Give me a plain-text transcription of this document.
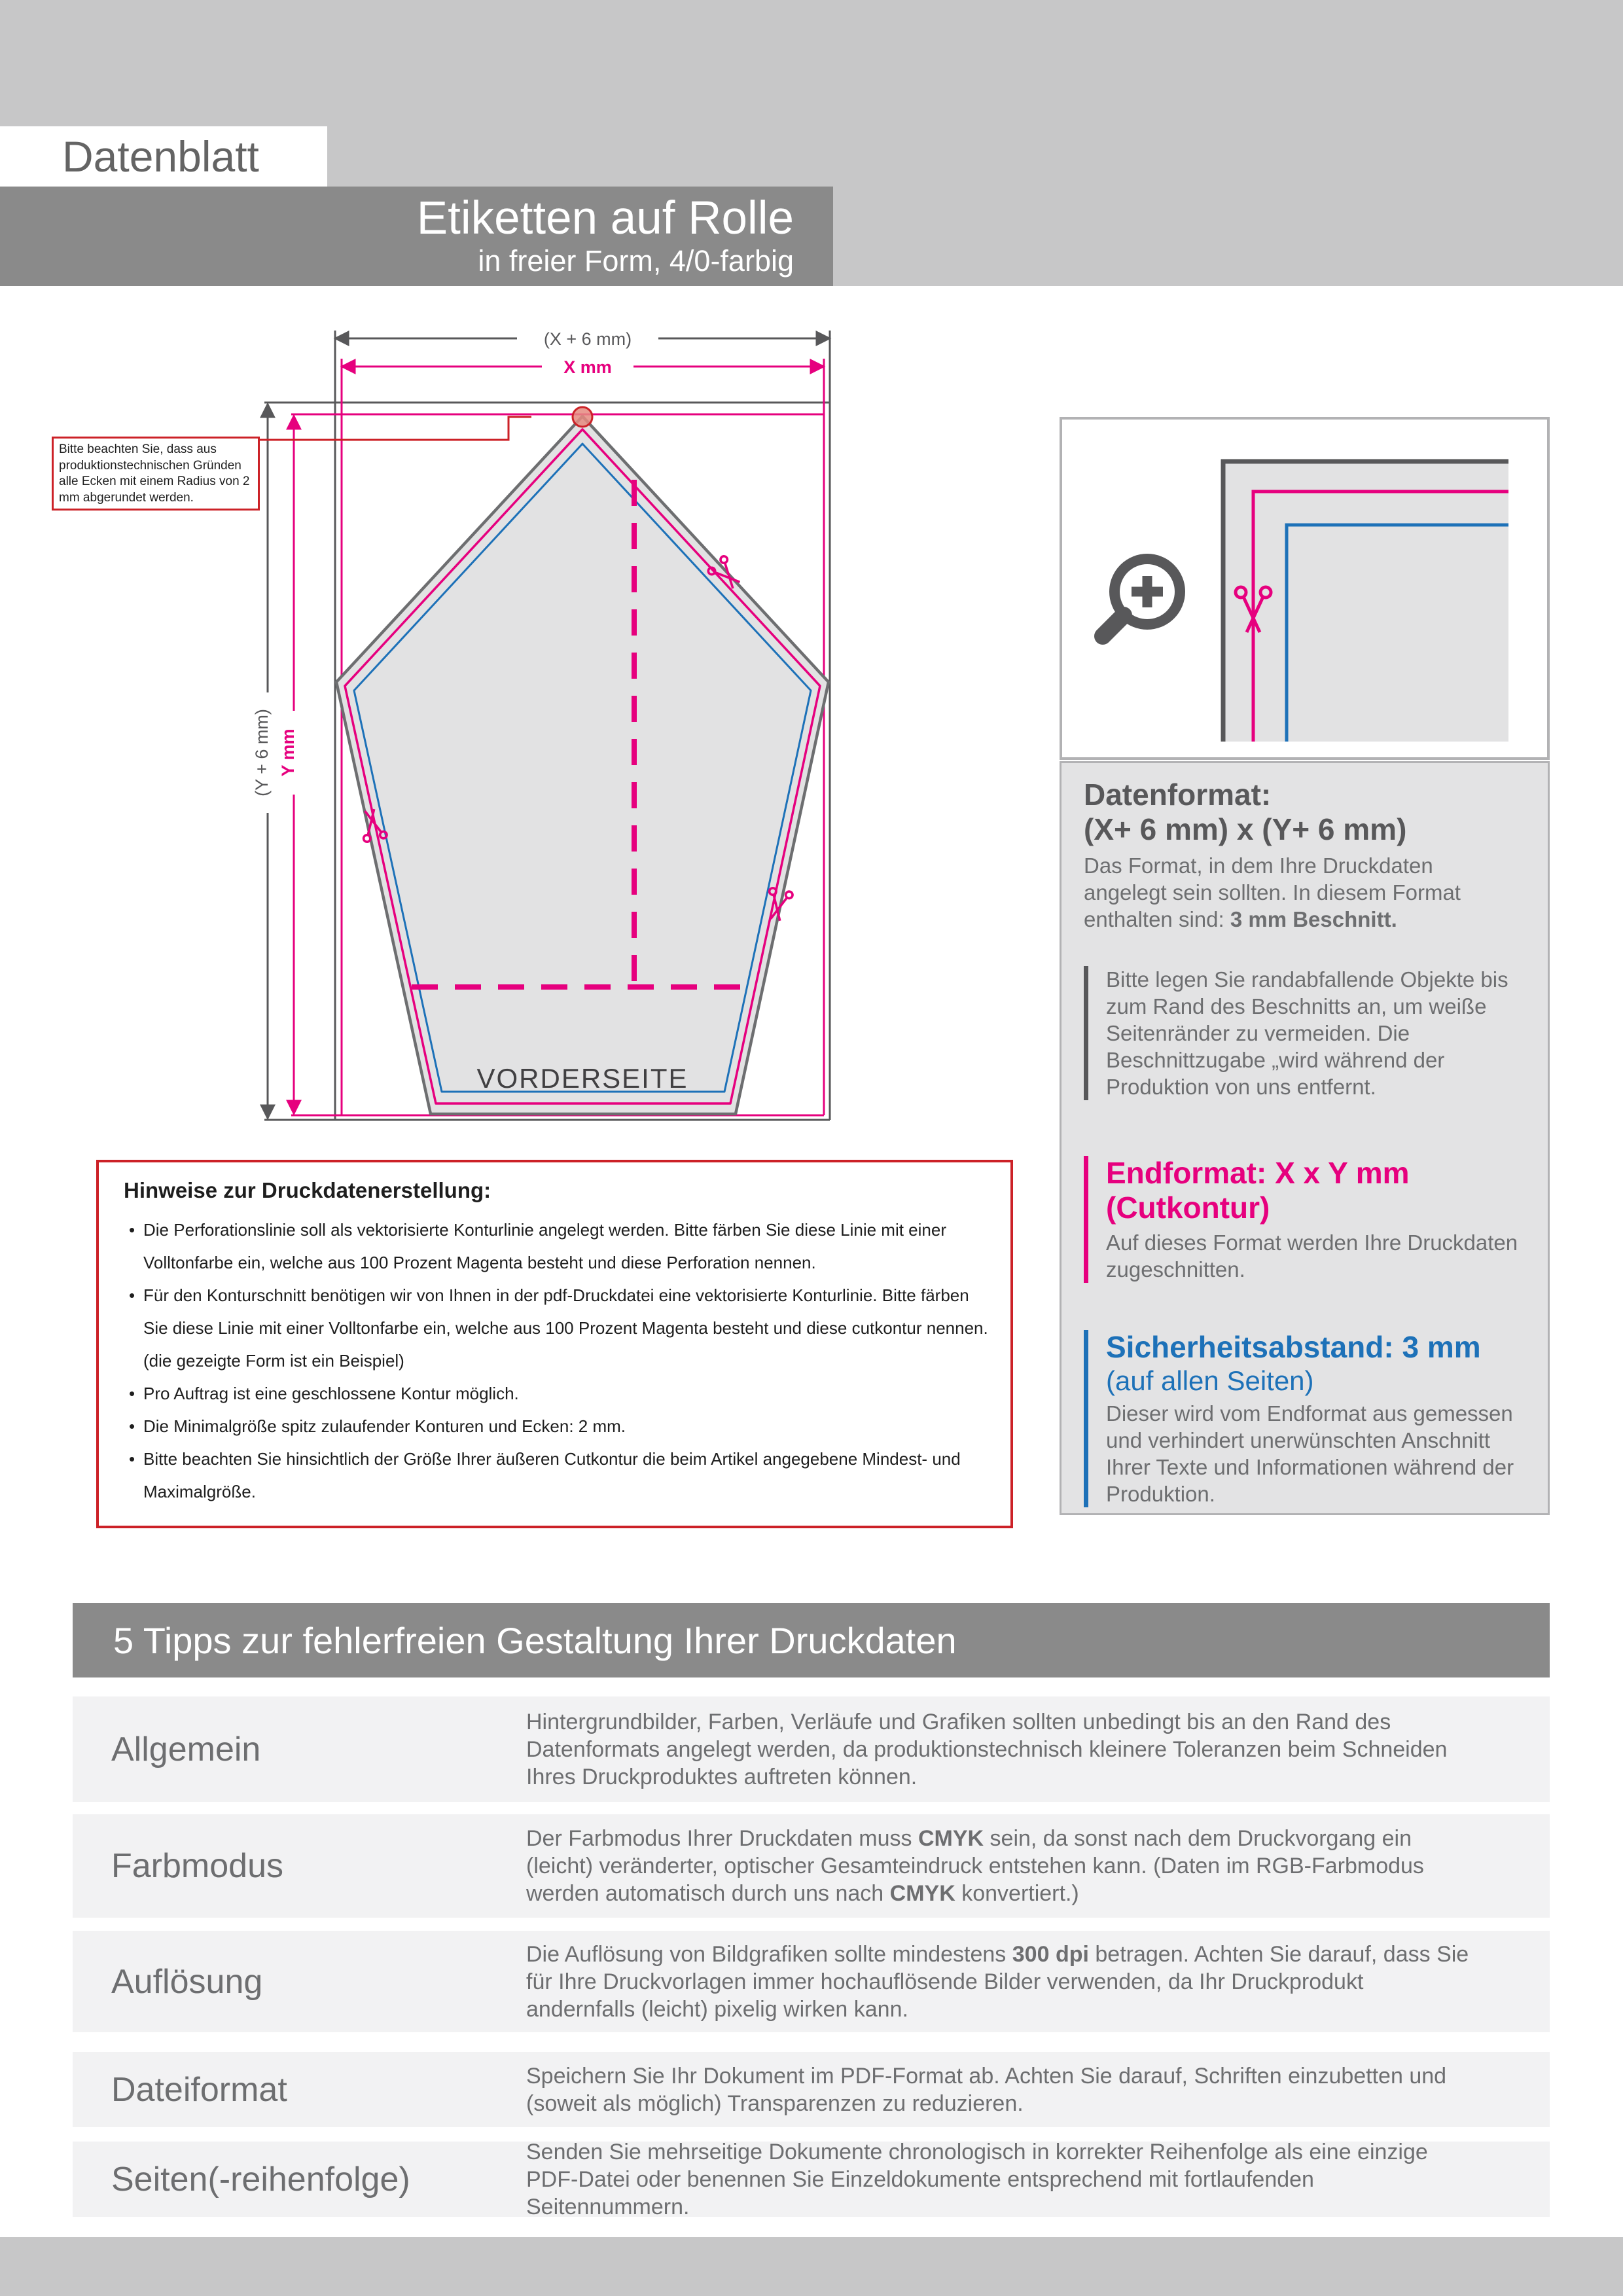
Datenblatt
Etiketten auf Rolle
in freier Form, 4/0-farbig
(X + 6 mm)
X mm
(Y + 6 mm) Y mm
VORDERSEITE
Bitte beachten Sie, dass aus produktionstechnischen Gründen alle Ecken mit einem Radius von 2 mm abgerundet werden.
Datenformat:
(X+ 6 mm) x (Y+ 6 mm)
Das Format, in dem Ihre Druckdaten angelegt sein sollten. In diesem Format enthalten sind: 3 mm Beschnitt.
Bitte legen Sie randabfallende Objekte bis zum Rand des Beschnitts an, um weiße Seitenränder zu vermeiden. Die Beschnittzugabe „wird während der Produktion von uns entfernt.
Endformat: X x Y mm
(Cutkontur)
Auf dieses Format werden Ihre Druckdaten zugeschnitten.
Sicherheitsabstand: 3 mm
(auf allen Seiten)
Dieser wird vom Endformat aus gemessen und verhindert unerwünschten Anschnitt Ihrer Texte und Informationen während der Produktion.
Hinweise zur Druckdatenerstellung:
• Die Perforationslinie soll als vektorisierte Konturlinie angelegt werden. Bitte färben Sie diese Linie mit einer Volltonfarbe ein, welche aus 100 Prozent Magenta besteht und diese Perforation nennen.
• Für den Konturschnitt benötigen wir von Ihnen in der pdf-Druckdatei eine vektorisierte Konturlinie. Bitte färben Sie diese Linie mit einer Volltonfarbe ein, welche aus 100 Prozent Magenta besteht und diese cutkontur nennen. (die gezeigte Form ist ein Beispiel)
• Pro Auftrag ist eine geschlossene Kontur möglich.
• Die Minimalgröße spitz zulaufender Konturen und Ecken: 2 mm.
• Bitte beachten Sie hinsichtlich der Größe Ihrer äußeren Cutkontur die beim Artikel angegebene Mindest- und Maximalgröße.
5 Tipps zur fehlerfreien Gestaltung Ihrer Druckdaten
Allgemein

Hintergrundbilder, Farben, Verläufe und Grafiken sollten unbedingt bis an den Rand des Datenformats angelegt werden, da produktionstechnisch kleinere Toleranzen beim Schneiden Ihres Druckproduktes auftreten können.

Farbmodus

Der Farbmodus Ihrer Druckdaten muss CMYK sein, da sonst nach dem Druckvorgang ein (leicht) veränderter, optischer Gesamteindruck entstehen kann. (Daten im RGB-Farbmodus werden automatisch durch uns nach CMYK konvertiert.)

Auflösung

Die Auflösung von Bildgrafiken sollte mindestens 300 dpi betragen. Achten Sie darauf, dass Sie für Ihre Druckvorlagen immer hochauflösende Bilder verwenden, da Ihr Druckprodukt andernfalls (leicht) pixelig wirken kann.

Dateiformat	Speichern Sie Ihr Dokument im PDF-Format ab. Achten Sie darauf, Schriften einzubetten und (soweit als möglich) Transparenzen zu reduzieren.

Seiten(-reihenfolge)

Senden Sie mehrseitige Dokumente chronologisch in korrekter Reihenfolge als eine einzige PDF-Datei oder benennen Sie Einzeldokumente entsprechend mit fortlaufenden Seitennummern.
